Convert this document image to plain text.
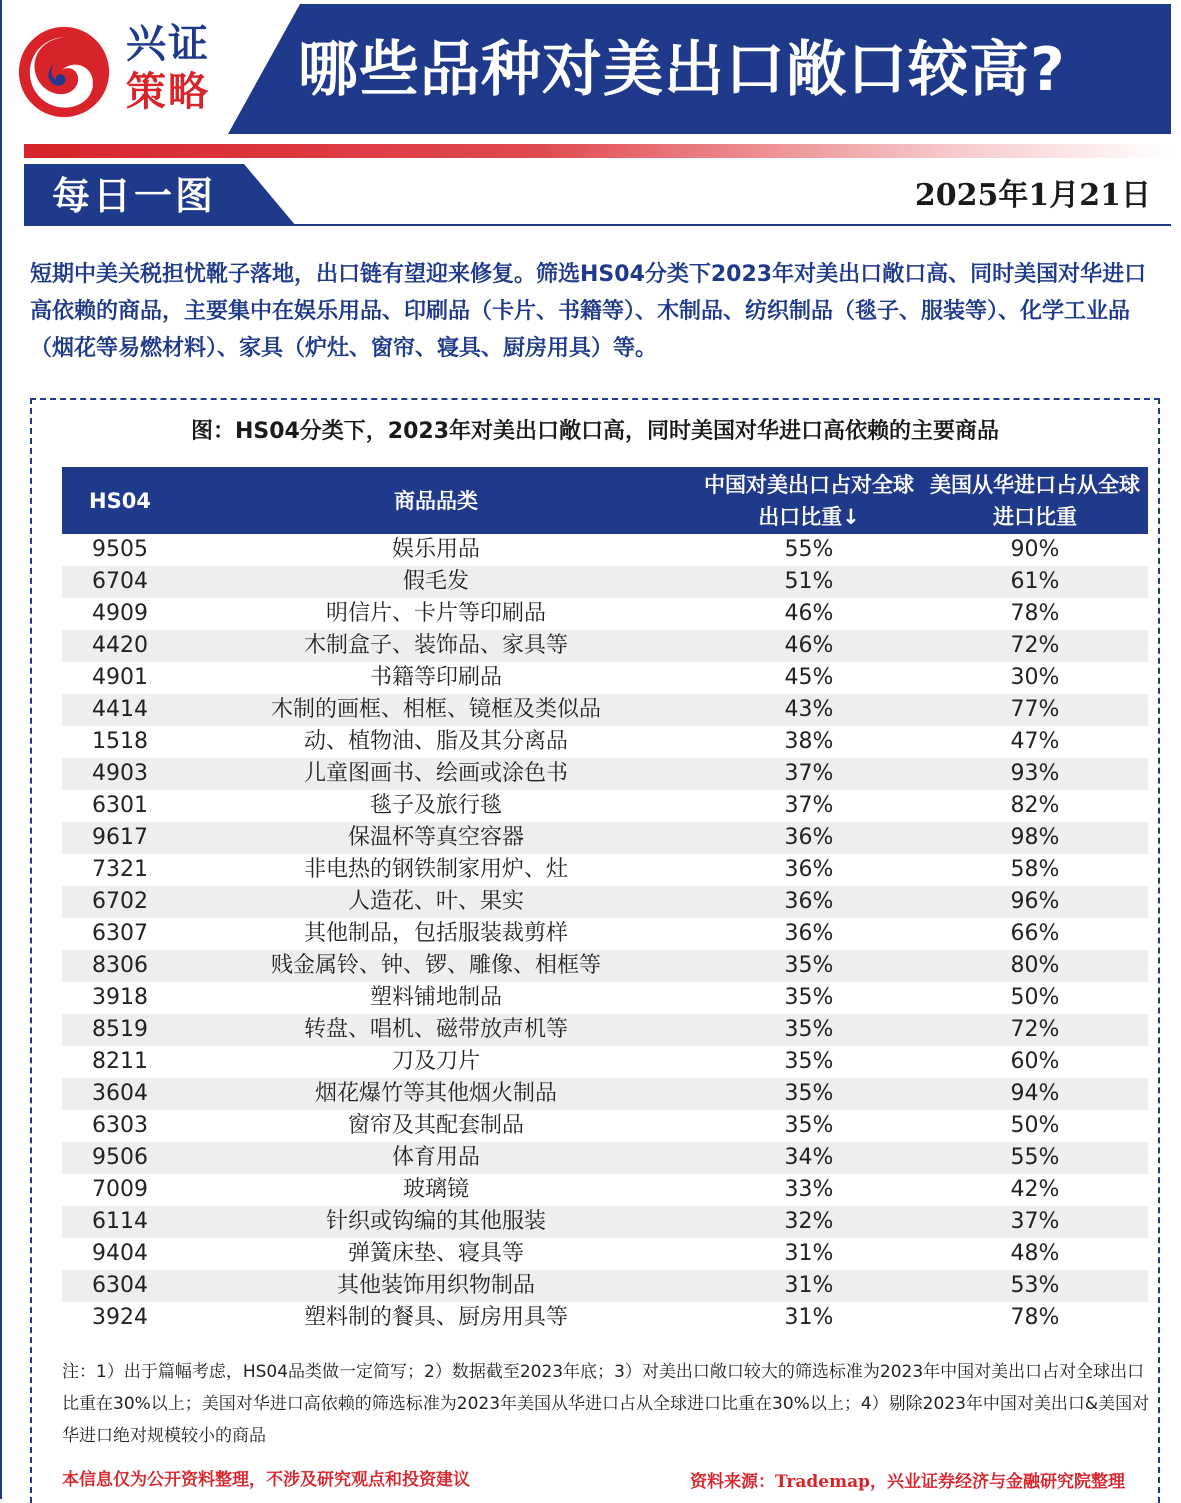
兴证
策略	哪些品种对美出口敞口较高?
每日一图	2025年1月21日
短期中美关税担忧靴子落地，出口链有望迎来修复。筛选HS04分类下2023年对美出口敞口高、同时美国对华进口高依赖的商品，主要集中在娱乐用品、印刷品（卡片、书籍等）、木制品、纺织制品（毯子、服装等）、化学工业品（烟花等易燃材料）、家具（炉灶、窗帘、寝具、厨房用具）等。
图：HS04分类下，2023年对美出口敞口高，同时美国对华进口高依赖的主要商品
HS04	商品品类	中国对美出口占对全球出口比重↓	美国从华进口占从全球进口比重
9505	娱乐用品	55%	90%
6704	假毛发	51%	61%
4909	明信片、卡片等印刷品	46%	78%
4420	木制盒子、装饰品、家具等	46%	72%
4901	书籍等印刷品	45%	30%
4414	木制的画框、相框、镜框及类似品	43%	77%
1518	动、植物油、脂及其分离品	38%	47%
4903	儿童图画书、绘画或涂色书	37%	93%
6301	毯子及旅行毯	37%	82%
9617	保温杯等真空容器	36%	98%
7321	非电热的钢铁制家用炉、灶	36%	58%
6702	人造花、叶、果实	36%	96%
6307	其他制品，包括服装裁剪样	36%	66%
8306	贱金属铃、钟、锣、雕像、相框等	35%	80%
3918	塑料铺地制品	35%	50%
8519	转盘、唱机、磁带放声机等	35%	72%
8211	刀及刀片	35%	60%
3604	烟花爆竹等其他烟火制品	35%	94%
6303	窗帘及其配套制品	35%	50%
9506	体育用品	34%	55%
7009	玻璃镜	33%	42%
6114	针织或钩编的其他服装	32%	37%
9404	弹簧床垫、寝具等	31%	48%
6304	其他装饰用织物制品	31%	53%
3924	塑料制的餐具、厨房用具等	31%	78%
注：1）出于篇幅考虑，HS04品类做一定简写；2）数据截至2023年底；3）对美出口敞口较大的筛选标准为2023年中国对美出口占对全球出口比重在30%以上；美国对华进口高依赖的筛选标准为2023年美国从华进口占从全球进口比重在30%以上；4）剔除2023年中国对美出口&美国对华进口绝对规模较小的商品
本信息仅为公开资料整理，不涉及研究观点和投资建议	资料来源：Trademap，兴业证券经济与金融研究院整理
